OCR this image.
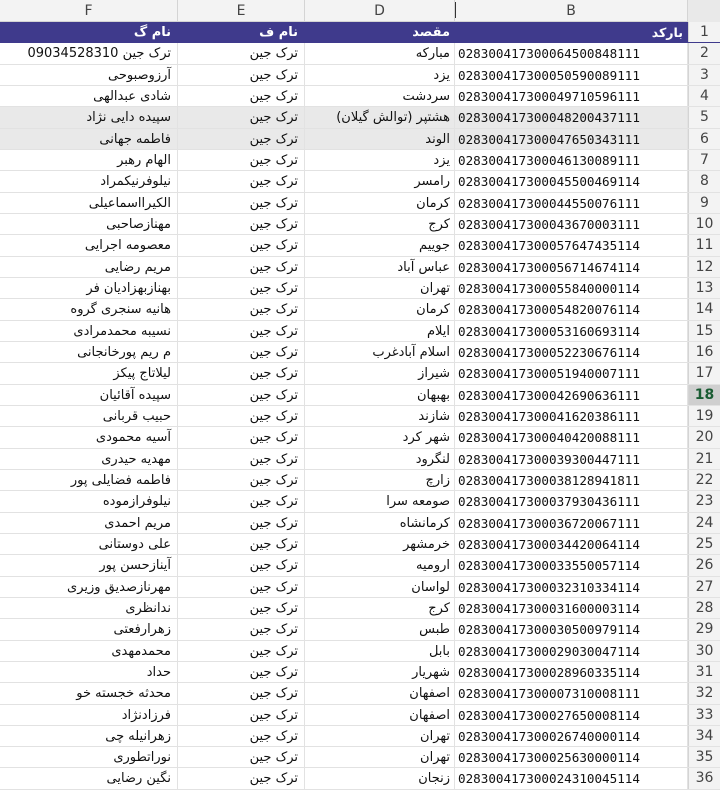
F	E	D	B
نام گ	نام ف	مقصد	بارکد	1
ترک جین 09034528310	ترک جین	مبارکه 028300417300064500848111	2
آرزوصبوحی	ترک جین	یزد 028300417300050590089111	3
شادی عبدالهی	ترک جین	سردشت 028300417300049710596111	4
سپیده دایی نژاد	ترک جین	هشتپر (توالش گیلان) 028300417300048200437111	5
فاطمه جهانی	ترک جین	الوند 028300417300047650343111	6
الهام رهبر	ترک جین	یزد 028300417300046130089111	7
نیلوفرنیکمراد	ترک جین	رامسر 028300417300045500469114	8
الکیرااسماعیلی	ترک جین	کرمان 028300417300044550076111	9
مهنازصاحبی	ترک جین	کرج 028300417300043670003111	10
معصومه اجرایی	ترک جین	جوییم 028300417300057647435114	11
مریم رضایی	ترک جین	عباس آباد 028300417300056714674114	12
بهنازبهزادیان فر	ترک جین	تهران 028300417300055840000114	13
هانیه سنجری گروه	ترک جین	کرمان 028300417300054820076114	14
نسیبه محمدمرادی	ترک جین	ایلام 028300417300053160693114	15
م ریم پورخانجانی	ترک جین	اسلام آبادغرب 028300417300052230676114	16
لیلاتاج پیکز	ترک جین	شیراز 028300417300051940007111	17
سپیده آقائیان	ترک جین	بهبهان 028300417300042690636111	18
حبیب قربانی	ترک جین	شازند 028300417300041620386111	19
آسیه محمودی	ترک جین	شهر کرد 028300417300040420088111	20
مهدیه حیدری	ترک جین	لنگرود 028300417300039300447111	21
فاطمه فضایلی پور	ترک جین	زارچ 028300417300038128941811	22
نیلوفرازموده	ترک جین	صومعه سرا 028300417300037930436111	23
مریم احمدی	ترک جین	کرمانشاه 028300417300036720067111	24
علی دوستانی	ترک جین	خرمشهر 028300417300034420064114	25
آینازحسن پور	ترک جین	ارومیه 028300417300033550057114	26
مهرنازصدیق وزیری	ترک جین	لواسان 028300417300032310334114	27
ندانظری	ترک جین	کرج 028300417300031600003114	28
زهرارفعتی	ترک جین	طبس 028300417300030500979114	29
محمدمهدی	ترک جین	بابل 028300417300029030047114	30
حداد	ترک جین	شهریار 028300417300028960335114	31
محدثه خجسته خو	ترک جین	اصفهان 028300417300007310008111	32
فرزادنژاد	ترک جین	اصفهان 028300417300027650008114	33
زهرانیله چی	ترک جین	تهران 028300417300026740000114	34
نوراتطوری	ترک جین	تهران 028300417300025630000114	35
نگین رضایی	ترک جین	زنجان 028300417300024310045114	36
